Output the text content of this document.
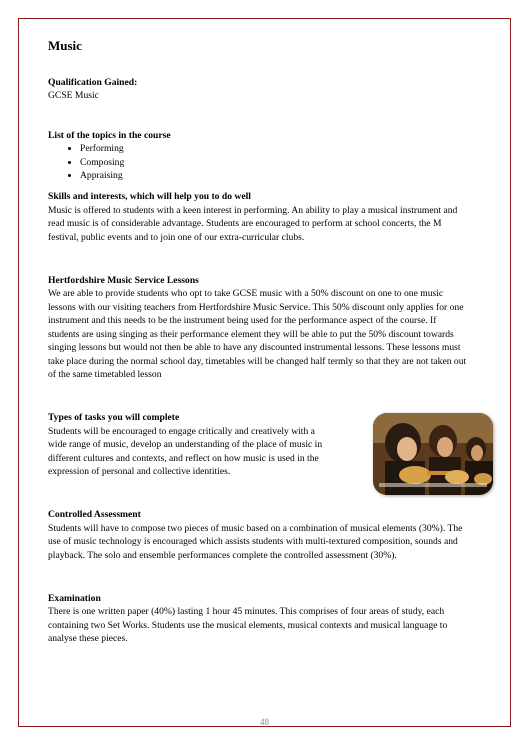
Music
Qualification Gained:
GCSE Music
List of the topics in the course
• Performing
• Composing
• Appraising
Skills and interests, which will help you to do well

Music is offered to students with a keen interest in performing. An ability to play a musical instrument and read music is of considerable advantage. Students are encouraged to perform at school concerts, the M festival, public events and to join one of our extra-curricular clubs.

Hertfordshire Music Service Lessons

We are able to provide students who opt to take GCSE music with a 50% discount on one to one music lessons with our visiting teachers from Hertfordshire Music Service. This 50% discount only applies for one instrument and this needs to be the instrument being used for the performance aspect of the course. If students are using singing as their performance element they will be able to put the 50% discount towards singing lessons but would not then be able to have any discounted instrumental lessons. These lessons must take place during the normal school day, timetables will be changed half termly so that they are not taken out of the same timetabled lesson

Types of tasks you will complete

Students will be encouraged to engage critically and creatively with a wide range of music, develop an understanding of the place of music in different cultures and contexts, and reflect on how music is used in the expression of personal and collective identities.

Controlled Assessment

Students will have to compose two pieces of music based on a combination of musical elements (30%). The use of music technology is encouraged which assists students with multi-textured composition, sounds and playback. The solo and ensemble performances complete the controlled assessment (30%).

Examination

There is one written paper (40%) lasting 1 hour 45 minutes. This comprises of four areas of study, each containing two Set Works. Students use the musical elements, musical contexts and musical language to analyse these pieces.

48
